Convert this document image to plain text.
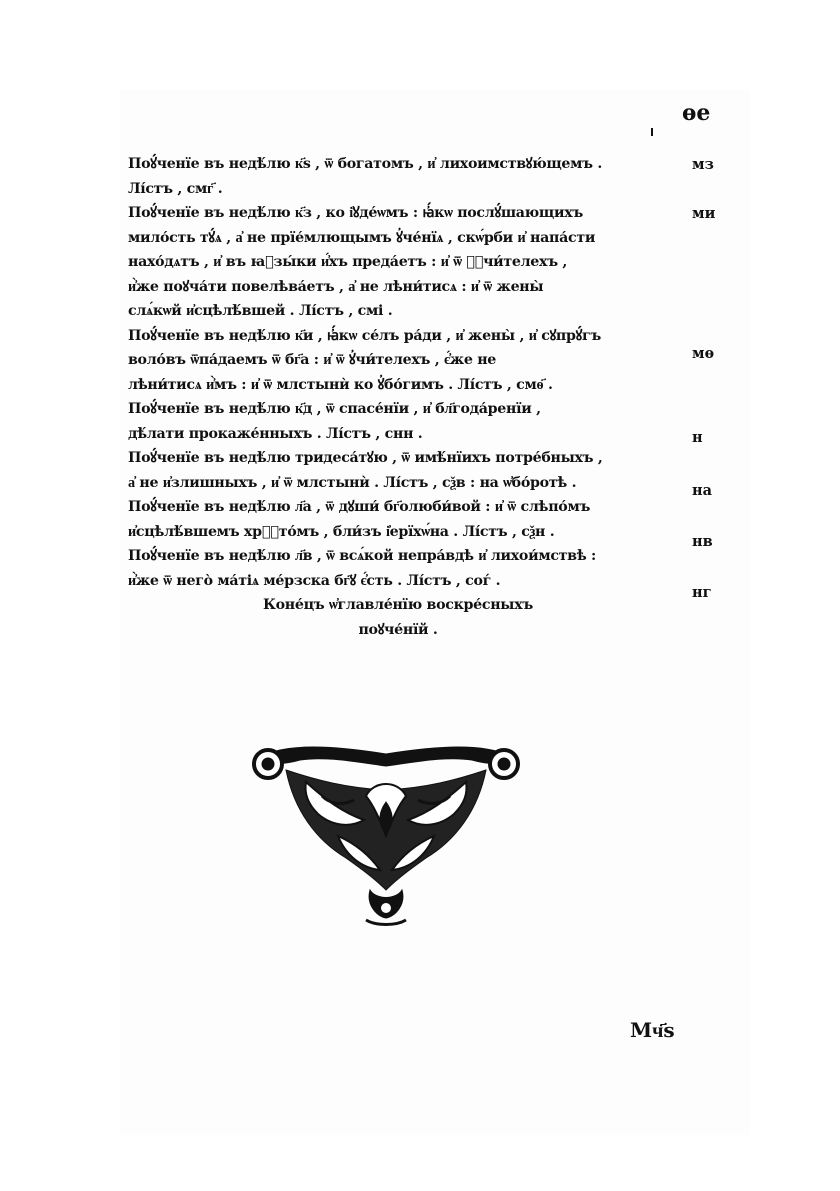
ѳе
Поꙋ́ченїе въ недѣ́лю к҃ѕ , ѿ богатомъ , и҆ лихоимствꙋю́щемъ .
Лі́стъ , смг҃ .
Поꙋ́ченїе въ недѣ́лю к҃з , ко і҆ꙋде́ѡмъ : ꙗ҆́кѡ послꙋ́шающихъ
мило́сть тꙋ́ѧ , а҆ не прїе́млющымъ ꙋ҆че́нїѧ , скѡ́рби и҆ напа́сти
нахо́дѧтъ , и҆ въ ꙗ҆зы́ки и҆́хъ преда́етъ : и҆ ѿ ꙋ҆чи́телехъ ,
и҆̀же поꙋча́ти повелѣва́етъ , а҆ не лѣни́тисѧ : и҆ ѿ жены̀
слѧ́кѡй и҆сцѣлѣ́вшей . Лі́стъ , смі .
Поꙋ́ченїе въ недѣ́лю к҃и , ꙗ҆́кѡ се́лъ ра́ди , и҆ жены̀ , и҆ сꙋпрꙋ́гъ
воло́въ ѿпа́даемъ ѿ бг҃а : и҆ ѿ ꙋ҆чи́телехъ , є҆́же не
лѣни́тисѧ и҆̀мъ : и҆ ѿ млcтынѝ ко ꙋ҆бо́гимъ . Лі́стъ , смѳ҃ .
Поꙋ́ченїе въ недѣ́лю к҃д , ѿ спасе́нїи , и҆ бл҃года́ренїи ,
дѣ́лати прокаже́нныхъ . Лі́стъ , снн .
Поꙋ́ченїе въ недѣ́лю тридеса́тꙋю , ѿ имѣ́нїихъ потре́бныхъ ,
а҆ не и҆злишныхъ , и҆ ѿ млcтынѝ . Лі́стъ , сѯв : на ѡ҆бо́ротѣ .
Поꙋ́ченїе въ недѣ́лю л҃а , ѿ дꙋши́ бг҃олюби́вой : и҆ ѿ слѣпо́мъ
и҆сцѣлѣ́вшемъ хрⷭ҇то́мъ , бли́зъ і҆ерїхѡ́на . Лі́стъ , сѯн .
Поꙋ́ченїе въ недѣ́лю л҃в , ѿ всѧ́кой непра́вдѣ и҆ лихои́мствѣ :
и҆̀же ѿ него̀ ма́тіѧ ме́рзска бг҃ꙋ є҆́сть . Лі́стъ , соѓ .
Коне́цъ ѡ҆главле́нїю воскре́сныхъ
поꙋче́нїй .
мз
ми
мѳ
н
на
нв
нг
Мч҃ѕ
